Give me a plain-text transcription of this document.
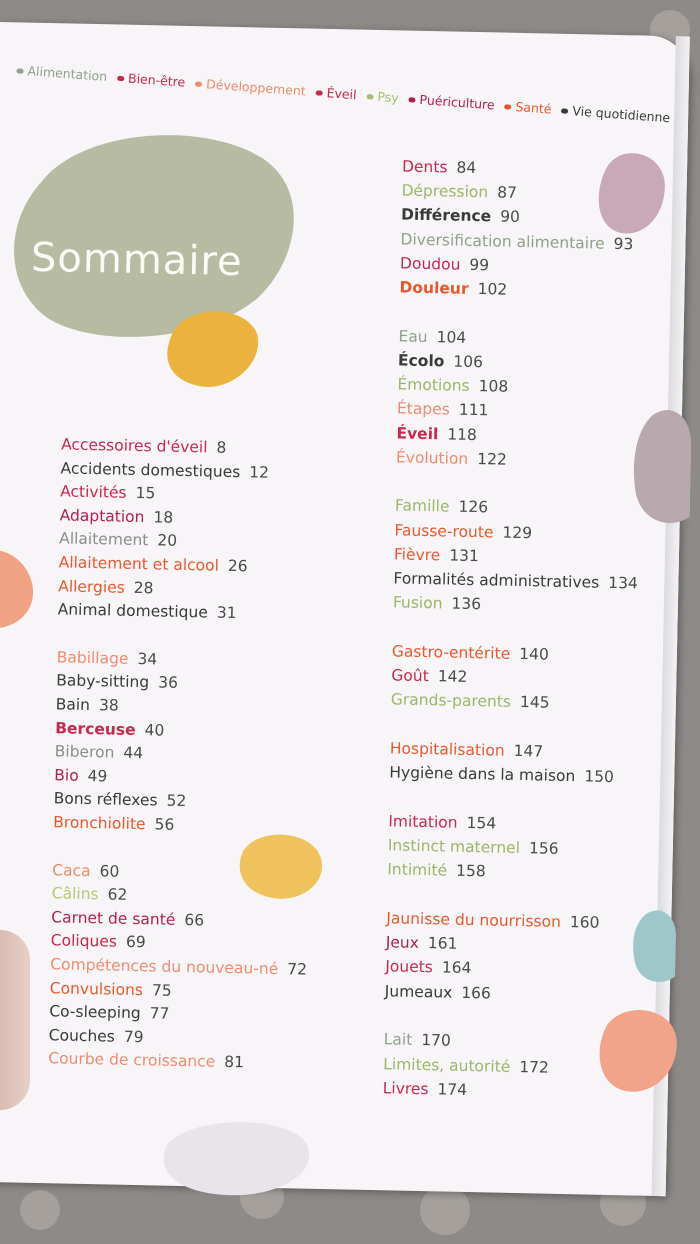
Alimentation Bien-être Développement Éveil Psy Puériculture Santé Vie quotidienne
Sommaire
Accessoires d'éveil 8
Accidents domestiques 12
Activités 15
Adaptation 18
Allaitement 20
Allaitement et alcool 26
Allergies 28
Animal domestique 31
Babillage 34
Baby-sitting 36
Bain 38
Berceuse 40
Biberon 44
Bio 49
Bons réflexes 52
Bronchiolite 56
Caca 60
Câlins 62
Carnet de santé 66
Coliques 69
Compétences du nouveau-né 72
Convulsions 75
Co-sleeping 77
Couches 79
Courbe de croissance 81
Dents 84
Dépression 87
Différence 90
Diversification alimentaire 93
Doudou 99
Douleur 102
Eau 104
Écolo 106
Émotions 108
Étapes 111
Éveil 118
Évolution 122
Famille 126
Fausse-route 129
Fièvre 131
Formalités administratives 134
Fusion 136
Gastro-entérite 140
Goût 142
Grands-parents 145
Hospitalisation 147
Hygiène dans la maison 150
Imitation 154
Instinct maternel 156
Intimité 158
Jaunisse du nourrisson 160
Jeux 161
Jouets 164
Jumeaux 166
Lait 170
Limites, autorité 172
Livres 174
